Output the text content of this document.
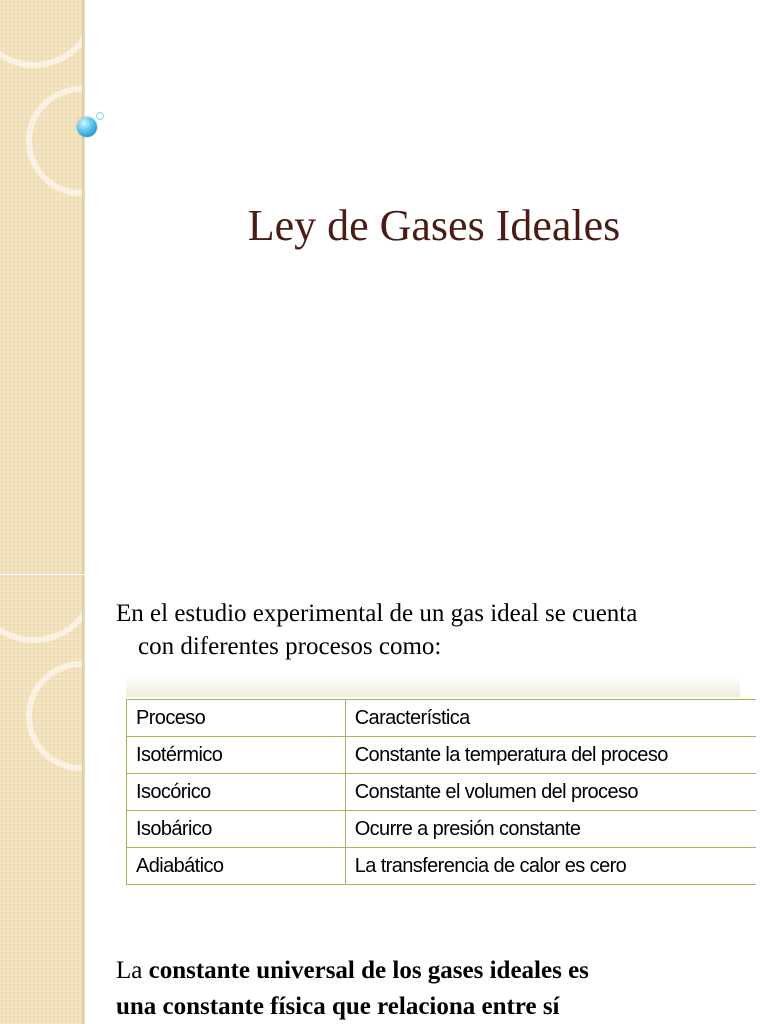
Ley de Gases Ideales
En el estudio experimental de un gas ideal se cuenta
con diferentes procesos como:
Proceso	Característica
Isotérmico	Constante la temperatura del proceso
Isocórico	Constante el volumen del proceso
Isobárico	Ocurre a presión constante
Adiabático	La transferencia de calor es cero
La constante universal de los gases ideales es
una constante física que relaciona entre sí
